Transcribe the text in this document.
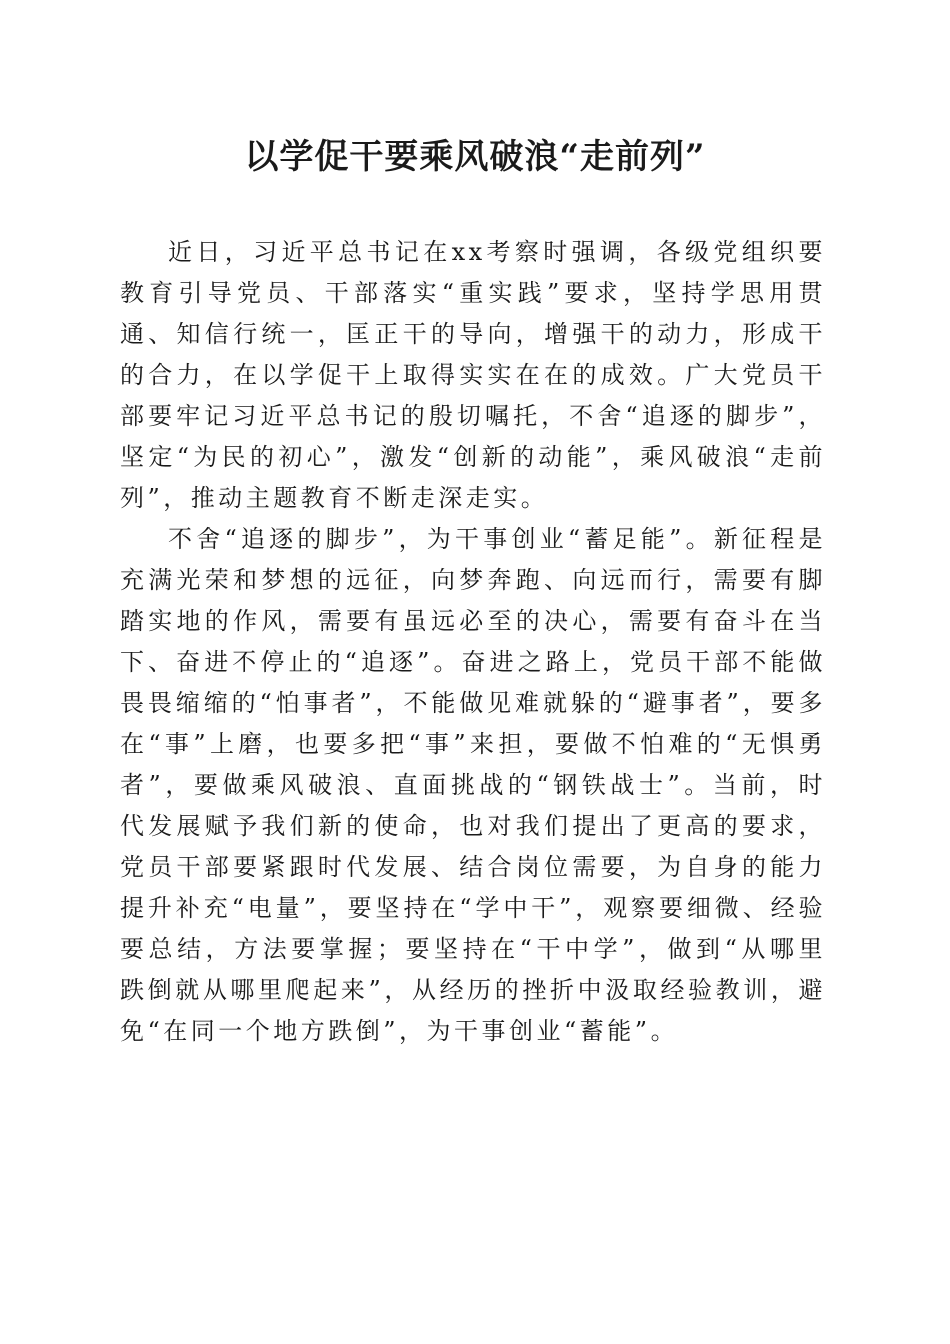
以学促干要乘风破浪“走前列”

近日，习近平总书记在xx考察时强调，各级党组织要教育引导党员、干部落实“重实践”要求，坚持学思用贯通、知信行统一，匡正干的导向，增强干的动力，形成干的合力，在以学促干上取得实实在在的成效。广大党员干部要牢记习近平总书记的殷切嘱托，不舍“追逐的脚步”，坚定“为民的初心”，激发“创新的动能”，乘风破浪“走前列”，推动主题教育不断走深走实。

不舍“追逐的脚步”，为干事创业“蓄足能”。新征程是充满光荣和梦想的远征，向梦奔跑、向远而行，需要有脚踏实地的作风，需要有虽远必至的决心，需要有奋斗在当下、奋进不停止的“追逐”。奋进之路上，党员干部不能做畏畏缩缩的“怕事者”，不能做见难就躲的“避事者”，要多在“事”上磨，也要多把“事”来担，要做不怕难的“无惧勇者”，要做乘风破浪、直面挑战的“钢铁战士”。当前，时代发展赋予我们新的使命，也对我们提出了更高的要求，党员干部要紧跟时代发展、结合岗位需要，为自身的能力提升补充“电量”，要坚持在“学中干”，观察要细微、经验要总结，方法要掌握；要坚持在“干中学”，做到“从哪里跌倒就从哪里爬起来”，从经历的挫折中汲取经验教训，避免“在同一个地方跌倒”，为干事创业“蓄能”。
